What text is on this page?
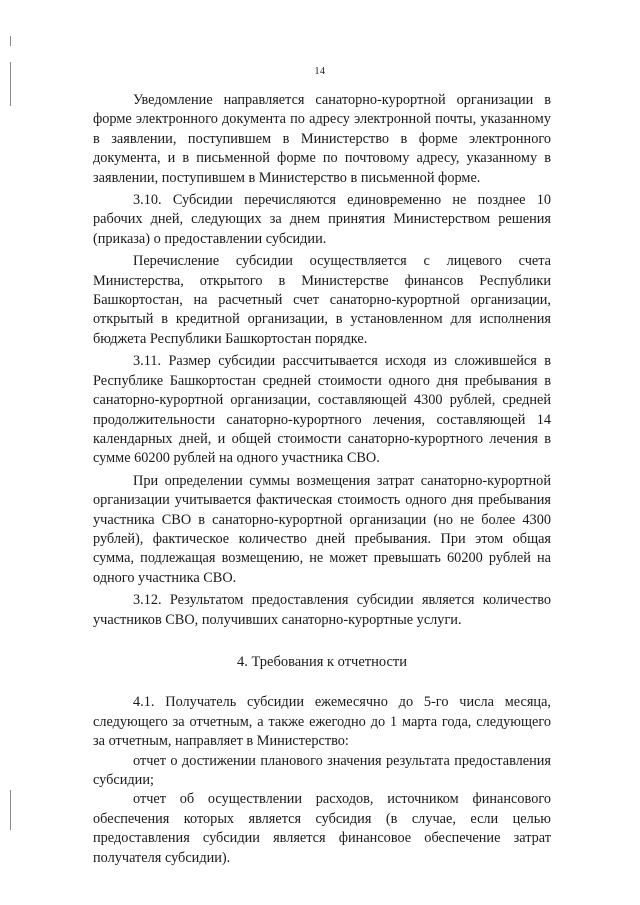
14

Уведомление направляется санаторно-курортной организации в форме электронного документа по адресу электронной почты, указанному в заявлении, поступившем в Министерство в форме электронного документа, и в письменной форме по почтовому адресу, указанному в заявлении, поступившем в Министерство в письменной форме.

3.10. Субсидии перечисляются единовременно не позднее 10 рабочих дней, следующих за днем принятия Министерством решения (приказа) о предоставлении субсидии.

Перечисление субсидии осуществляется с лицевого счета Министерства, открытого в Министерстве финансов Республики Башкортостан, на расчетный счет санаторно-курортной организации, открытый в кредитной организации, в установленном для исполнения бюджета Республики Башкортостан порядке.

3.11. Размер субсидии рассчитывается исходя из сложившейся в Республике Башкортостан средней стоимости одного дня пребывания в санаторно-курортной организации, составляющей 4300 рублей, средней продолжительности санаторно-курортного лечения, составляющей 14 календарных дней, и общей стоимости санаторно-курортного лечения в сумме 60200 рублей на одного участника СВО.

При определении суммы возмещения затрат санаторно-курортной организации учитывается фактическая стоимость одного дня пребывания участника СВО в санаторно-курортной организации (но не более 4300 рублей), фактическое количество дней пребывания. При этом общая сумма, подлежащая возмещению, не может превышать 60200 рублей на одного участника СВО.

3.12. Результатом предоставления субсидии является количество участников СВО, получивших санаторно-курортные услуги.

4. Требования к отчетности

4.1. Получатель субсидии ежемесячно до 5-го числа месяца, следующего за отчетным, а также ежегодно до 1 марта года, следующего за отчетным, направляет в Министерство:

отчет о достижении планового значения результата предоставления субсидии;

отчет об осуществлении расходов, источником финансового обеспечения которых является субсидия (в случае, если целью предоставления субсидии является финансовое обеспечение затрат получателя субсидии).
